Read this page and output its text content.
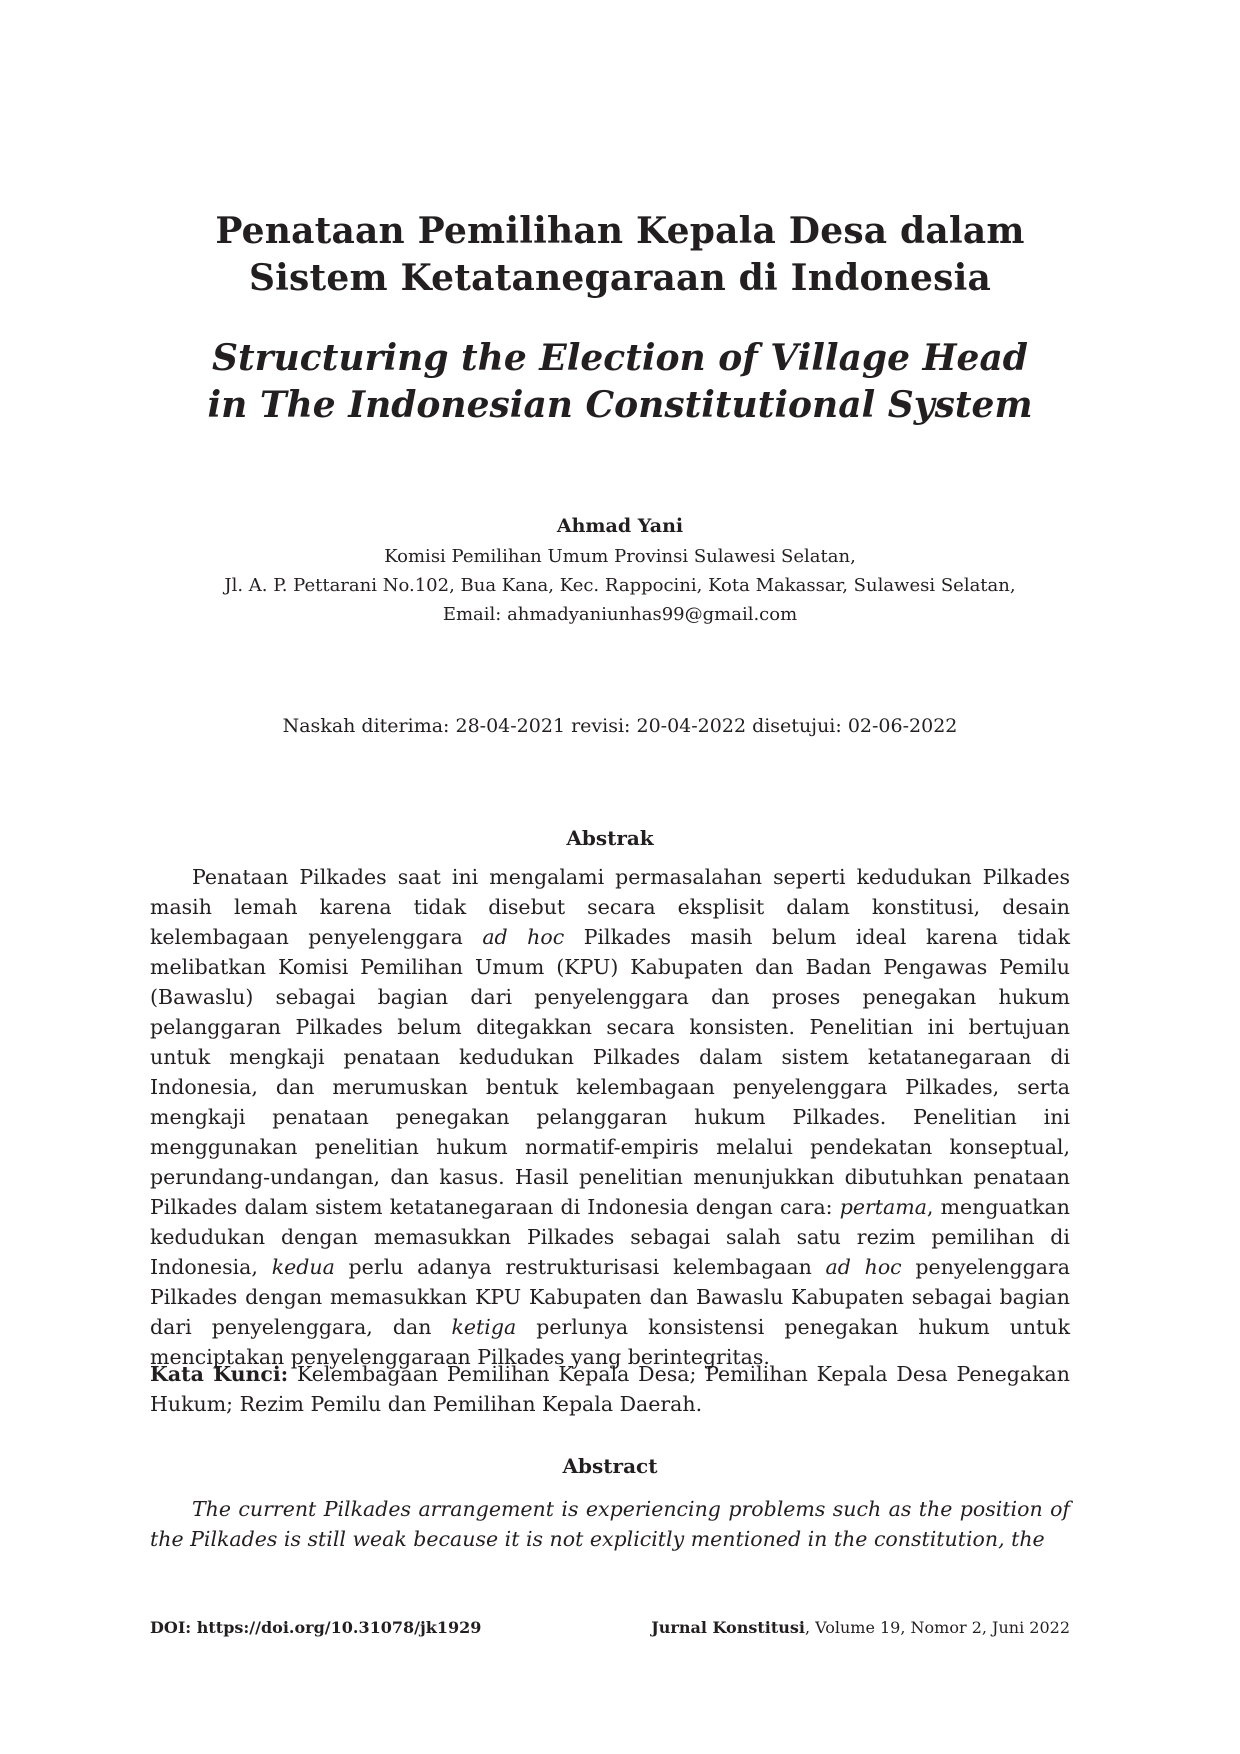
Penataan Pemilihan Kepala Desa dalam
Sistem Ketatanegaraan di Indonesia
Structuring the Election of Village Head
in The Indonesian Constitutional System
Ahmad Yani
Komisi Pemilihan Umum Provinsi Sulawesi Selatan,
Jl. A. P. Pettarani No.102, Bua Kana, Kec. Rappocini, Kota Makassar, Sulawesi Selatan,
Email: ahmadyaniunhas99@gmail.com
Naskah diterima: 28-04-2021 revisi: 20-04-2022 disetujui: 02-06-2022
Abstrak

Penataan Pilkades saat ini mengalami permasalahan seperti kedudukan Pilkades masih lemah karena tidak disebut secara eksplisit dalam konstitusi, desain kelembagaan penyelenggara ad hoc Pilkades masih belum ideal karena tidak melibatkan Komisi Pemilihan Umum (KPU) Kabupaten dan Badan Pengawas Pemilu (Bawaslu) sebagai bagian dari penyelenggara dan proses penegakan hukum pelanggaran Pilkades belum ditegakkan secara konsisten. Penelitian ini bertujuan untuk mengkaji penataan kedudukan Pilkades dalam sistem ketatanegaraan di Indonesia, dan merumuskan bentuk kelembagaan penyelenggara Pilkades, serta mengkaji penataan penegakan pelanggaran hukum Pilkades. Penelitian ini menggunakan penelitian hukum normatif-empiris melalui pendekatan konseptual, perundang-undangan, dan kasus. Hasil penelitian menunjukkan dibutuhkan penataan Pilkades dalam sistem ketatanegaraan di Indonesia dengan cara: pertama, menguatkan kedudukan dengan memasukkan Pilkades sebagai salah satu rezim pemilihan di Indonesia, kedua perlu adanya restrukturisasi kelembagaan ad hoc penyelenggara Pilkades dengan memasukkan KPU Kabupaten dan Bawaslu Kabupaten sebagai bagian dari penyelenggara, dan ketiga perlunya konsistensi penegakan hukum untuk menciptakan penyelenggaraan Pilkades yang berintegritas.

Kata Kunci: Kelembagaan Pemilihan Kepala Desa; Pemilihan Kepala Desa Penegakan Hukum; Rezim Pemilu dan Pemilihan Kepala Daerah.

Abstract

The current Pilkades arrangement is experiencing problems such as the position of the Pilkades is still weak because it is not explicitly mentioned in the constitution, the

DOI: https://doi.org/10.31078/jk1929	Jurnal Konstitusi, Volume 19, Nomor 2, Juni 2022
